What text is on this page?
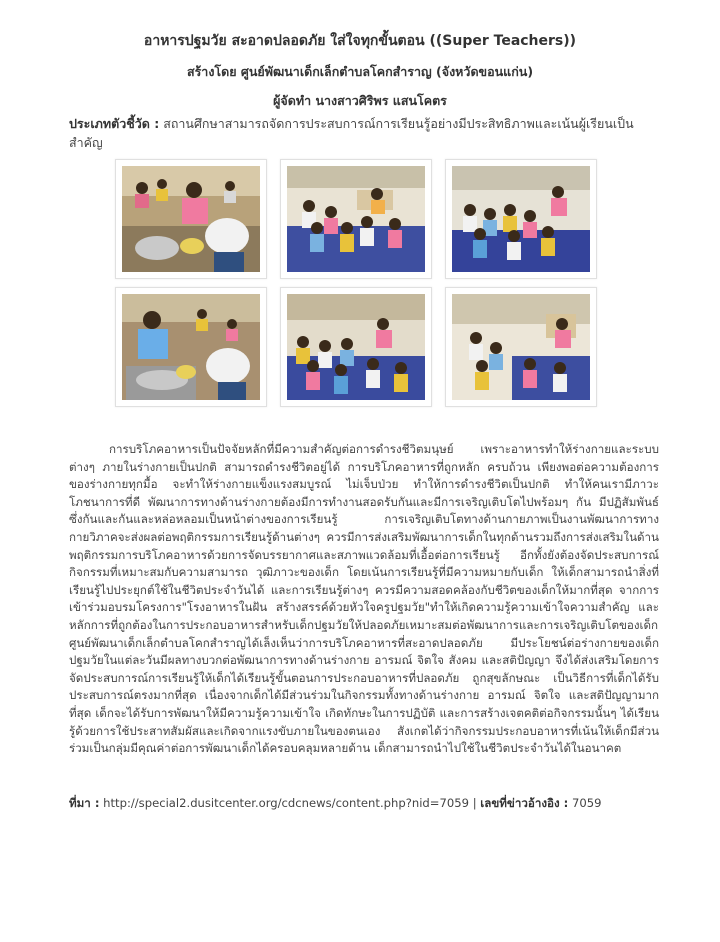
อาหารปฐมวัย สะอาดปลอดภัย ใส่ใจทุกขั้นตอน ((Super Teachers))
สร้างโดย ศูนย์พัฒนาเด็กเล็กตำบลโคกสำราญ (จังหวัดขอนแก่น)
ผู้จัดทำ นางสาวศิริพร แสนโคตร
ประเภทตัวชี้วัด : สถานศึกษาสามารถจัดการประสบการณ์การเรียนรู้อย่างมีประสิทธิภาพและเน้นผู้เรียนเป็นสำคัญ
การบริโภคอาหารเป็นปัจจัยหลักที่มีความสำคัญต่อการดำรงชีวิตมนุษย์ เพราะอาหารทำให้ร่างกายและระบบต่างๆ ภายในร่างกายเป็นปกติ สามารถดำรงชีวิตอยู่ได้ การบริโภคอาหารที่ถูกหลัก ครบถ้วน เพียงพอต่อความต้องการของร่างกายทุกมื้อ จะทำให้ร่างกายแข็งแรงสมบูรณ์ ไม่เจ็บป่วย ทำให้การดำรงชีวิตเป็นปกติ ทำให้คนเรามีภาวะโภชนาการที่ดี พัฒนาการทางด้านร่างกายต้องมีการทำงานสอดรับกันและมีการเจริญเติบโตไปพร้อมๆ กัน มีปฏิสัมพันธ์ซึ่งกันและกันและหล่อหลอมเป็นหน้าต่างของการเรียนรู้ การเจริญเติบโตทางด้านกายภาพเป็นงานพัฒนาการทางกายวิภาคจะส่งผลต่อพฤติกรรมการเรียนรู้ด้านต่างๆ ควรมีการส่งเสริมพัฒนาการเด็กในทุกด้านรวมถึงการส่งเสริมในด้านพฤติกรรมการบริโภคอาหารด้วยการจัดบรรยากาศและสภาพแวดล้อมที่เอื้อต่อการเรียนรู้ อีกทั้งยังต้องจัดประสบการณ์ กิจกรรมที่เหมาะสมกับความสามารถ วุฒิภาวะของเด็ก โดยเน้นการเรียนรู้ที่มีความหมายกับเด็ก ให้เด็กสามารถนำสิ่งที่เรียนรู้ไปประยุกต์ใช้ในชีวิตประจำวันได้ และการเรียนรู้ต่างๆ ควรมีความสอดคล้องกับชีวิตของเด็กให้มากที่สุด จากการเข้าร่วมอบรมโครงการ"โรงอาหารในฝัน สร้างสรรค์ด้วยหัวใจครูปฐมวัย"ทำให้เกิดความรู้ความเข้าใจความสำคัญ และหลักการที่ถูกต้องในการประกอบอาหารสำหรับเด็กปฐมวัยให้ปลอดภัยเหมาะสมต่อพัฒนาการและการเจริญเติบโตของเด็ก ศูนย์พัฒนาเด็กเล็กตำบลโคกสำราญได้เล็งเห็นว่าการบริโภคอาหารที่สะอาดปลอดภัย มีประโยชน์ต่อร่างกายของเด็กปฐมวัยในแต่ละวันมีผลทางบวกต่อพัฒนาการทางด้านร่างกาย อารมณ์ จิตใจ สังคม และสติปัญญา จึงได้ส่งเสริมโดยการจัดประสบการณ์การเรียนรู้ให้เด็กได้เรียนรู้ขั้นตอนการประกอบอาหารที่ปลอดภัย ถูกสุขลักษณะ เป็นวิธีการที่เด็กได้รับประสบการณ์ตรงมากที่สุด เนื่องจากเด็กได้มีส่วนร่วมในกิจกรรมทั้งทางด้านร่างกาย อารมณ์ จิตใจ และสติปัญญามากที่สุด เด็กจะได้รับการพัฒนาให้มีความรู้ความเข้าใจ เกิดทักษะในการปฏิบัติ และการสร้างเจตคติต่อกิจกรรมนั้นๆ ได้เรียนรู้ด้วยการใช้ประสาทสัมผัสและเกิดจากแรงขับภายในของตนเอง สังเกตได้ว่ากิจกรรมประกอบอาหารที่เน้นให้เด็กมีส่วนร่วมเป็นกลุ่มมีคุณค่าต่อการพัฒนาเด็กได้ครอบคลุมหลายด้าน เด็กสามารถนำไปใช้ในชีวิตประจำวันได้ในอนาคต
ที่มา : http://special2.dusitcenter.org/cdcnews/content.php?nid=7059 | เลขที่ข่าวอ้างอิง : 7059
